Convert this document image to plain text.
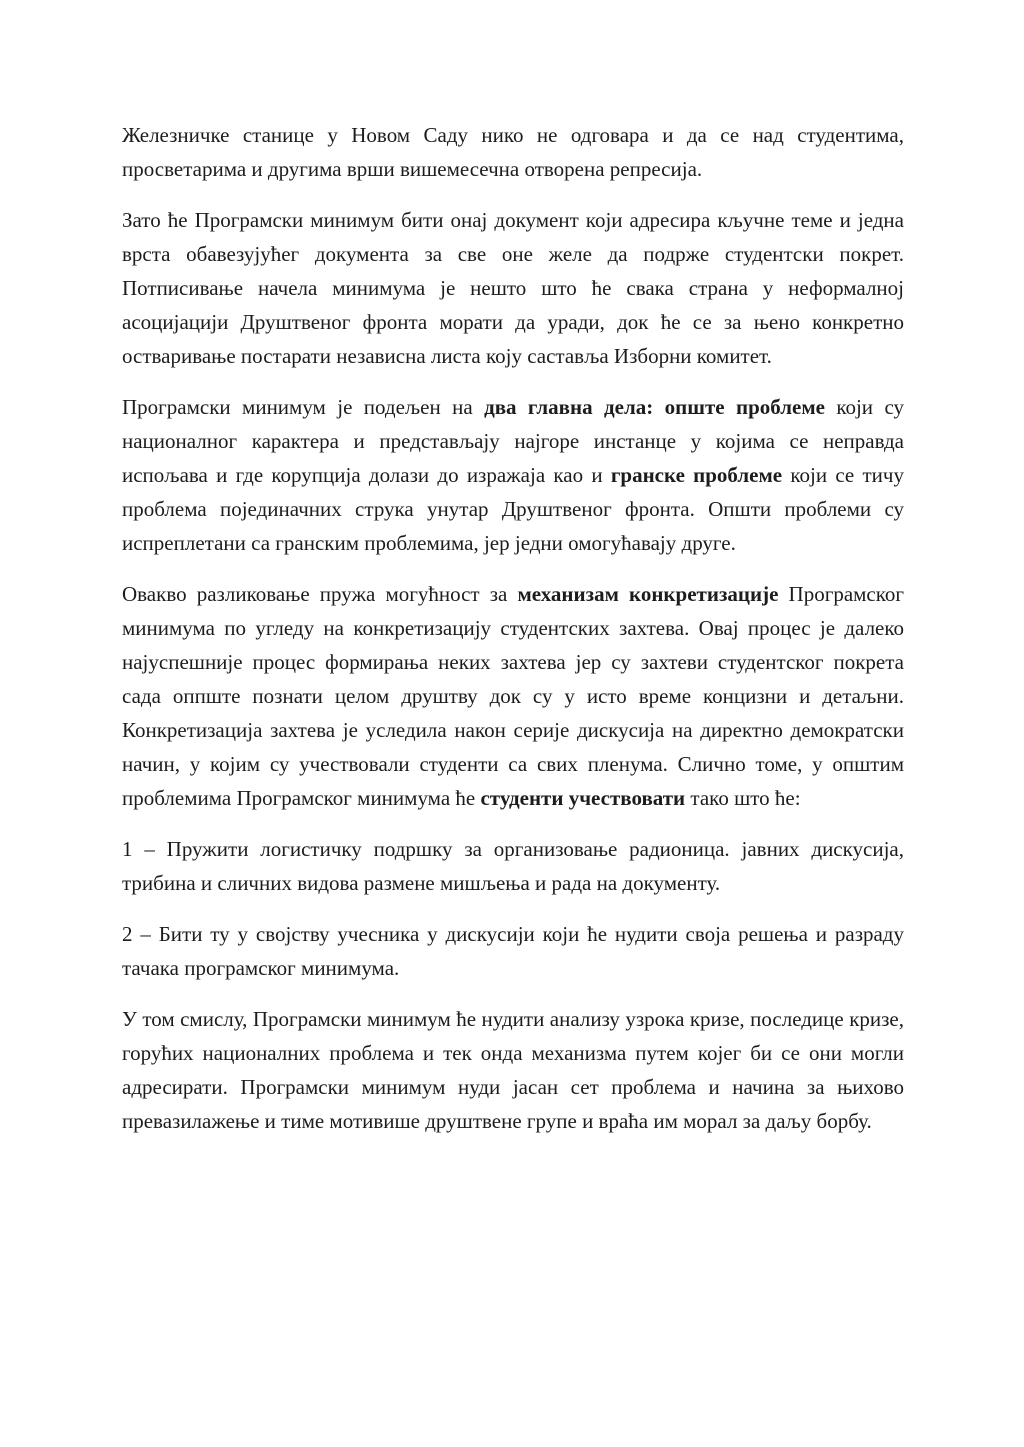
Железничке станице у Новом Саду нико не одговара и да се над студентима, просветарима и другима врши вишемесечна отворена репресија.

Зато ће Програмски минимум бити онај документ који адресира кључне теме и једна врста обавезујућег документа за све оне желе да подрже студентски покрет. Потписивање начела минимума је нешто што ће свака страна у неформалној асоцијацији Друштвеног фронта морати да уради, док ће се за њено конкретно остваривање постарати независна листа коју саставља Изборни комитет.

Програмски минимум је подељен на два главна дела: опште проблеме који су националног карактера и представљају најгоре инстанце у којима се неправда испољава и где корупција долази до изражаја као и гранске проблеме који се тичу проблема појединачних струка унутар Друштвеног фронта. Општи проблеми су испреплетани са гранским проблемима, јер једни омогућавају друге.

Овакво разликовање пружа могућност за механизам конкретизације Програмског минимума по угледу на конкретизацију студентских захтева. Овај процес је далеко најуспешније процес формирања неких захтева јер су захтеви студентског покрета сада оппште познати целом друштву док су у исто време концизни и детаљни. Конкретизација захтева је уследила након серије дискусија на директно демократски начин, у којим су учествовали студенти са свих пленума. Слично томе, у општим проблемима Програмског минимума ће студенти учествовати тако што ће:

1 – Пружити логистичку подршку за организовање радионица. јавних дискусија, трибина и сличних видова размене мишљења и рада на документу.

2 – Бити ту у својству учесника у дискусији који ће нудити своја решења и разраду тачака програмског минимума.

У том смислу, Програмски минимум ће нудити анализу узрока кризе, последице кризе, горућих националних проблема и тек онда механизма путем којег би се они могли адресирати. Програмски минимум нуди јасан сет проблема и начина за њихово превазилажење и тиме мотивише друштвене групе и враћа им морал за даљу борбу.
